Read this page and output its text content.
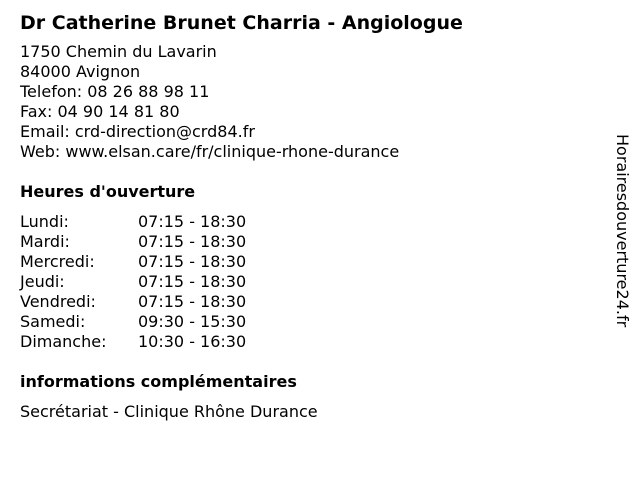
Dr Catherine Brunet Charria - Angiologue
1750 Chemin du Lavarin
84000 Avignon
Telefon: 08 26 88 98 11
Fax: 04 90 14 81 80
Email: crd-direction@crd84.fr
Web: www.elsan.care/fr/clinique-rhone-durance
Heures d'ouverture
Lundi:	07:15 - 18:30
Mardi:	07:15 - 18:30
Mercredi:	07:15 - 18:30
Jeudi:	07:15 - 18:30
Vendredi:	07:15 - 18:30
Samedi:	09:30 - 15:30
Dimanche:	10:30 - 16:30
informations complémentaires
Secrétariat - Clinique Rhône Durance
Horairesdouverture24.fr
